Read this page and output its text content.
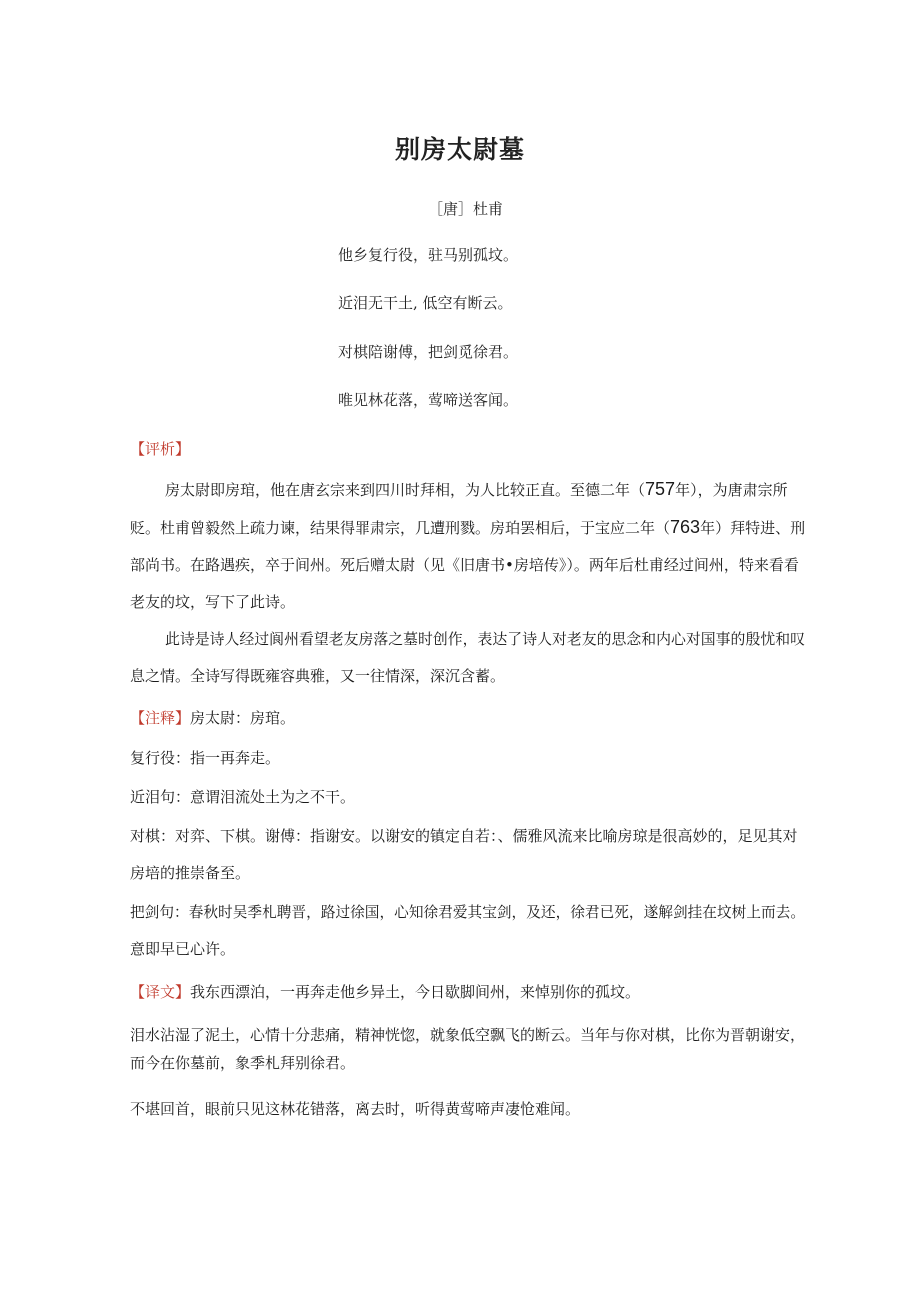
别房太尉墓
［唐］杜甫
他乡复行役，驻马别孤坟。
近泪无干土, 低空有断云。
对棋陪谢傅，把剑觅徐君。
唯见林花落，莺啼送客闻。
【评析】
房太尉即房琯，他在唐玄宗来到四川时拜相，为人比较正直。至德二年（757年），为唐肃宗所
贬。杜甫曾毅然上疏力谏，结果得罪肃宗，几遭刑戮。房珀罢相后，于宝应二年（763年）拜特进、刑
部尚书。在路遇疾，卒于间州。死后赠太尉（见《旧唐书•房培传》）。两年后杜甫经过间州，特来看看
老友的坟，写下了此诗。
此诗是诗人经过阆州看望老友房落之墓时创作，表达了诗人对老友的思念和内心对国事的殷忧和叹
息之情。全诗写得既雍容典雅，又一往情深，深沉含蓄。
【注释】房太尉：房琯。
复行役：指一再奔走。
近泪句：意谓泪流处土为之不干。
对棋：对弈、下棋。谢傅：指谢安。以谢安的镇定自若：、儒雅风流来比喻房琼是很高妙的，足见其对
房培的推崇备至。
把剑句：春秋时吴季札聘晋，路过徐国，心知徐君爱其宝剑，及还，徐君已死，遂解剑挂在坟树上而去。
意即早已心许。
【译文】我东西漂泊，一再奔走他乡异土，今日歇脚间州，来悼别你的孤坟。
泪水沾湿了泥土，心情十分悲痛，精神恍惚，就象低空飘飞的断云。当年与你对棋，比你为晋朝谢安，
而今在你墓前，象季札拜别徐君。
不堪回首，眼前只见这林花错落，离去时，听得黄莺啼声凄怆难闻。
